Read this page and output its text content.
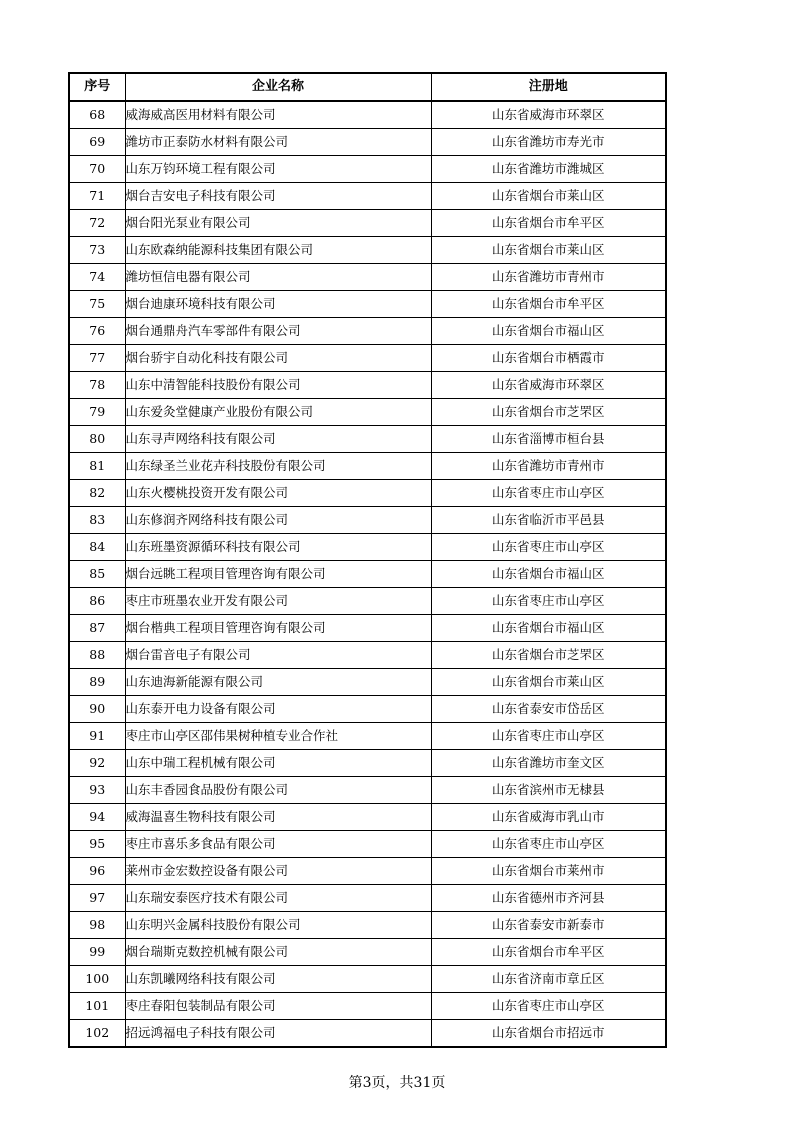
序号	企业名称	注册地
68	威海威高医用材料有限公司	山东省威海市环翠区
69	潍坊市正泰防水材料有限公司	山东省潍坊市寿光市
70	山东万钧环境工程有限公司	山东省潍坊市潍城区
71	烟台吉安电子科技有限公司	山东省烟台市莱山区
72	烟台阳光泵业有限公司	山东省烟台市牟平区
73	山东欧森纳能源科技集团有限公司	山东省烟台市莱山区
74	潍坊恒信电器有限公司	山东省潍坊市青州市
75	烟台迪康环境科技有限公司	山东省烟台市牟平区
76	烟台通鼎舟汽车零部件有限公司	山东省烟台市福山区
77	烟台骄宇自动化科技有限公司	山东省烟台市栖霞市
78	山东中清智能科技股份有限公司	山东省威海市环翠区
79	山东爱灸堂健康产业股份有限公司	山东省烟台市芝罘区
80	山东寻声网络科技有限公司	山东省淄博市桓台县
81	山东绿圣兰业花卉科技股份有限公司	山东省潍坊市青州市
82	山东火樱桃投资开发有限公司	山东省枣庄市山亭区
83	山东修润齐网络科技有限公司	山东省临沂市平邑县
84	山东班墨资源循环科技有限公司	山东省枣庄市山亭区
85	烟台远眺工程项目管理咨询有限公司	山东省烟台市福山区
86	枣庄市班墨农业开发有限公司	山东省枣庄市山亭区
87	烟台楷典工程项目管理咨询有限公司	山东省烟台市福山区
88	烟台雷音电子有限公司	山东省烟台市芝罘区
89	山东迪海新能源有限公司	山东省烟台市莱山区
90	山东泰开电力设备有限公司	山东省泰安市岱岳区
91	枣庄市山亭区邵伟果树种植专业合作社	山东省枣庄市山亭区
92	山东中瑞工程机械有限公司	山东省潍坊市奎文区
93	山东丰香园食品股份有限公司	山东省滨州市无棣县
94	威海温喜生物科技有限公司	山东省威海市乳山市
95	枣庄市喜乐多食品有限公司	山东省枣庄市山亭区
96	莱州市金宏数控设备有限公司	山东省烟台市莱州市
97	山东瑞安泰医疗技术有限公司	山东省德州市齐河县
98	山东明兴金属科技股份有限公司	山东省泰安市新泰市
99	烟台瑞斯克数控机械有限公司	山东省烟台市牟平区
100	山东凯曦网络科技有限公司	山东省济南市章丘区
101	枣庄春阳包装制品有限公司	山东省枣庄市山亭区
102	招远鸿福电子科技有限公司	山东省烟台市招远市
第3页，共31页
